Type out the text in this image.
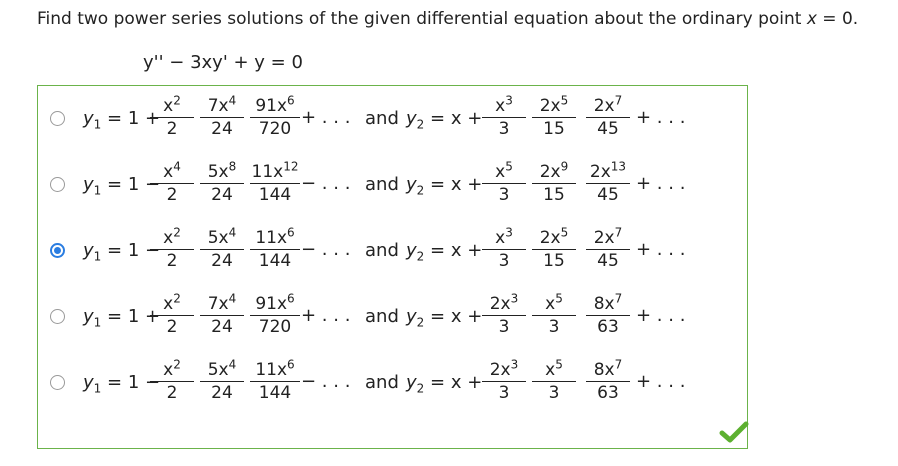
Find two power series solutions of the given differential equation about the ordinary point x = 0.
y'' − 3xy' + y = 0
$y_1 = 1$ +
$\frac{x^2}{2} \frac{7x^4}{24} \frac{91x^6}{720}$ + . . . and $y_2 = x + \frac{x^3}{3} \frac{2x^5}{15} \frac{2x^7}{45}$ + . . .
$y_1 = 1$ −
$\frac{x^4}{2} \frac{5x^8}{24} \frac{11x^{12}}{144}$ − . . . and $y_2 = x + \frac{x^5}{3} \frac{2x^9}{15} \frac{2x^{13}}{45}$ + . . .
$y_1 = 1$ −
$\frac{x^2}{2} \frac{5x^4}{24} \frac{11x^6}{144}$ − . . . and $y_2 = x + \frac{x^3}{3} \frac{2x^5}{15} \frac{2x^7}{45}$ + . . .
$y_1 = 1$ +
$\frac{x^2}{2} \frac{7x^4}{24} \frac{91x^6}{720}$ + . . . and $y_2 = x + \frac{2x^3}{3} \frac{x^5}{3} \frac{8x^7}{63}$ + . . .
$y_1 = 1$ −
$\frac{x^2}{2} \frac{5x^4}{24} \frac{11x^6}{144}$ − . . . and $y_2 = x + \frac{2x^3}{3} \frac{x^5}{3} \frac{8x^7}{63}$ + . . .
